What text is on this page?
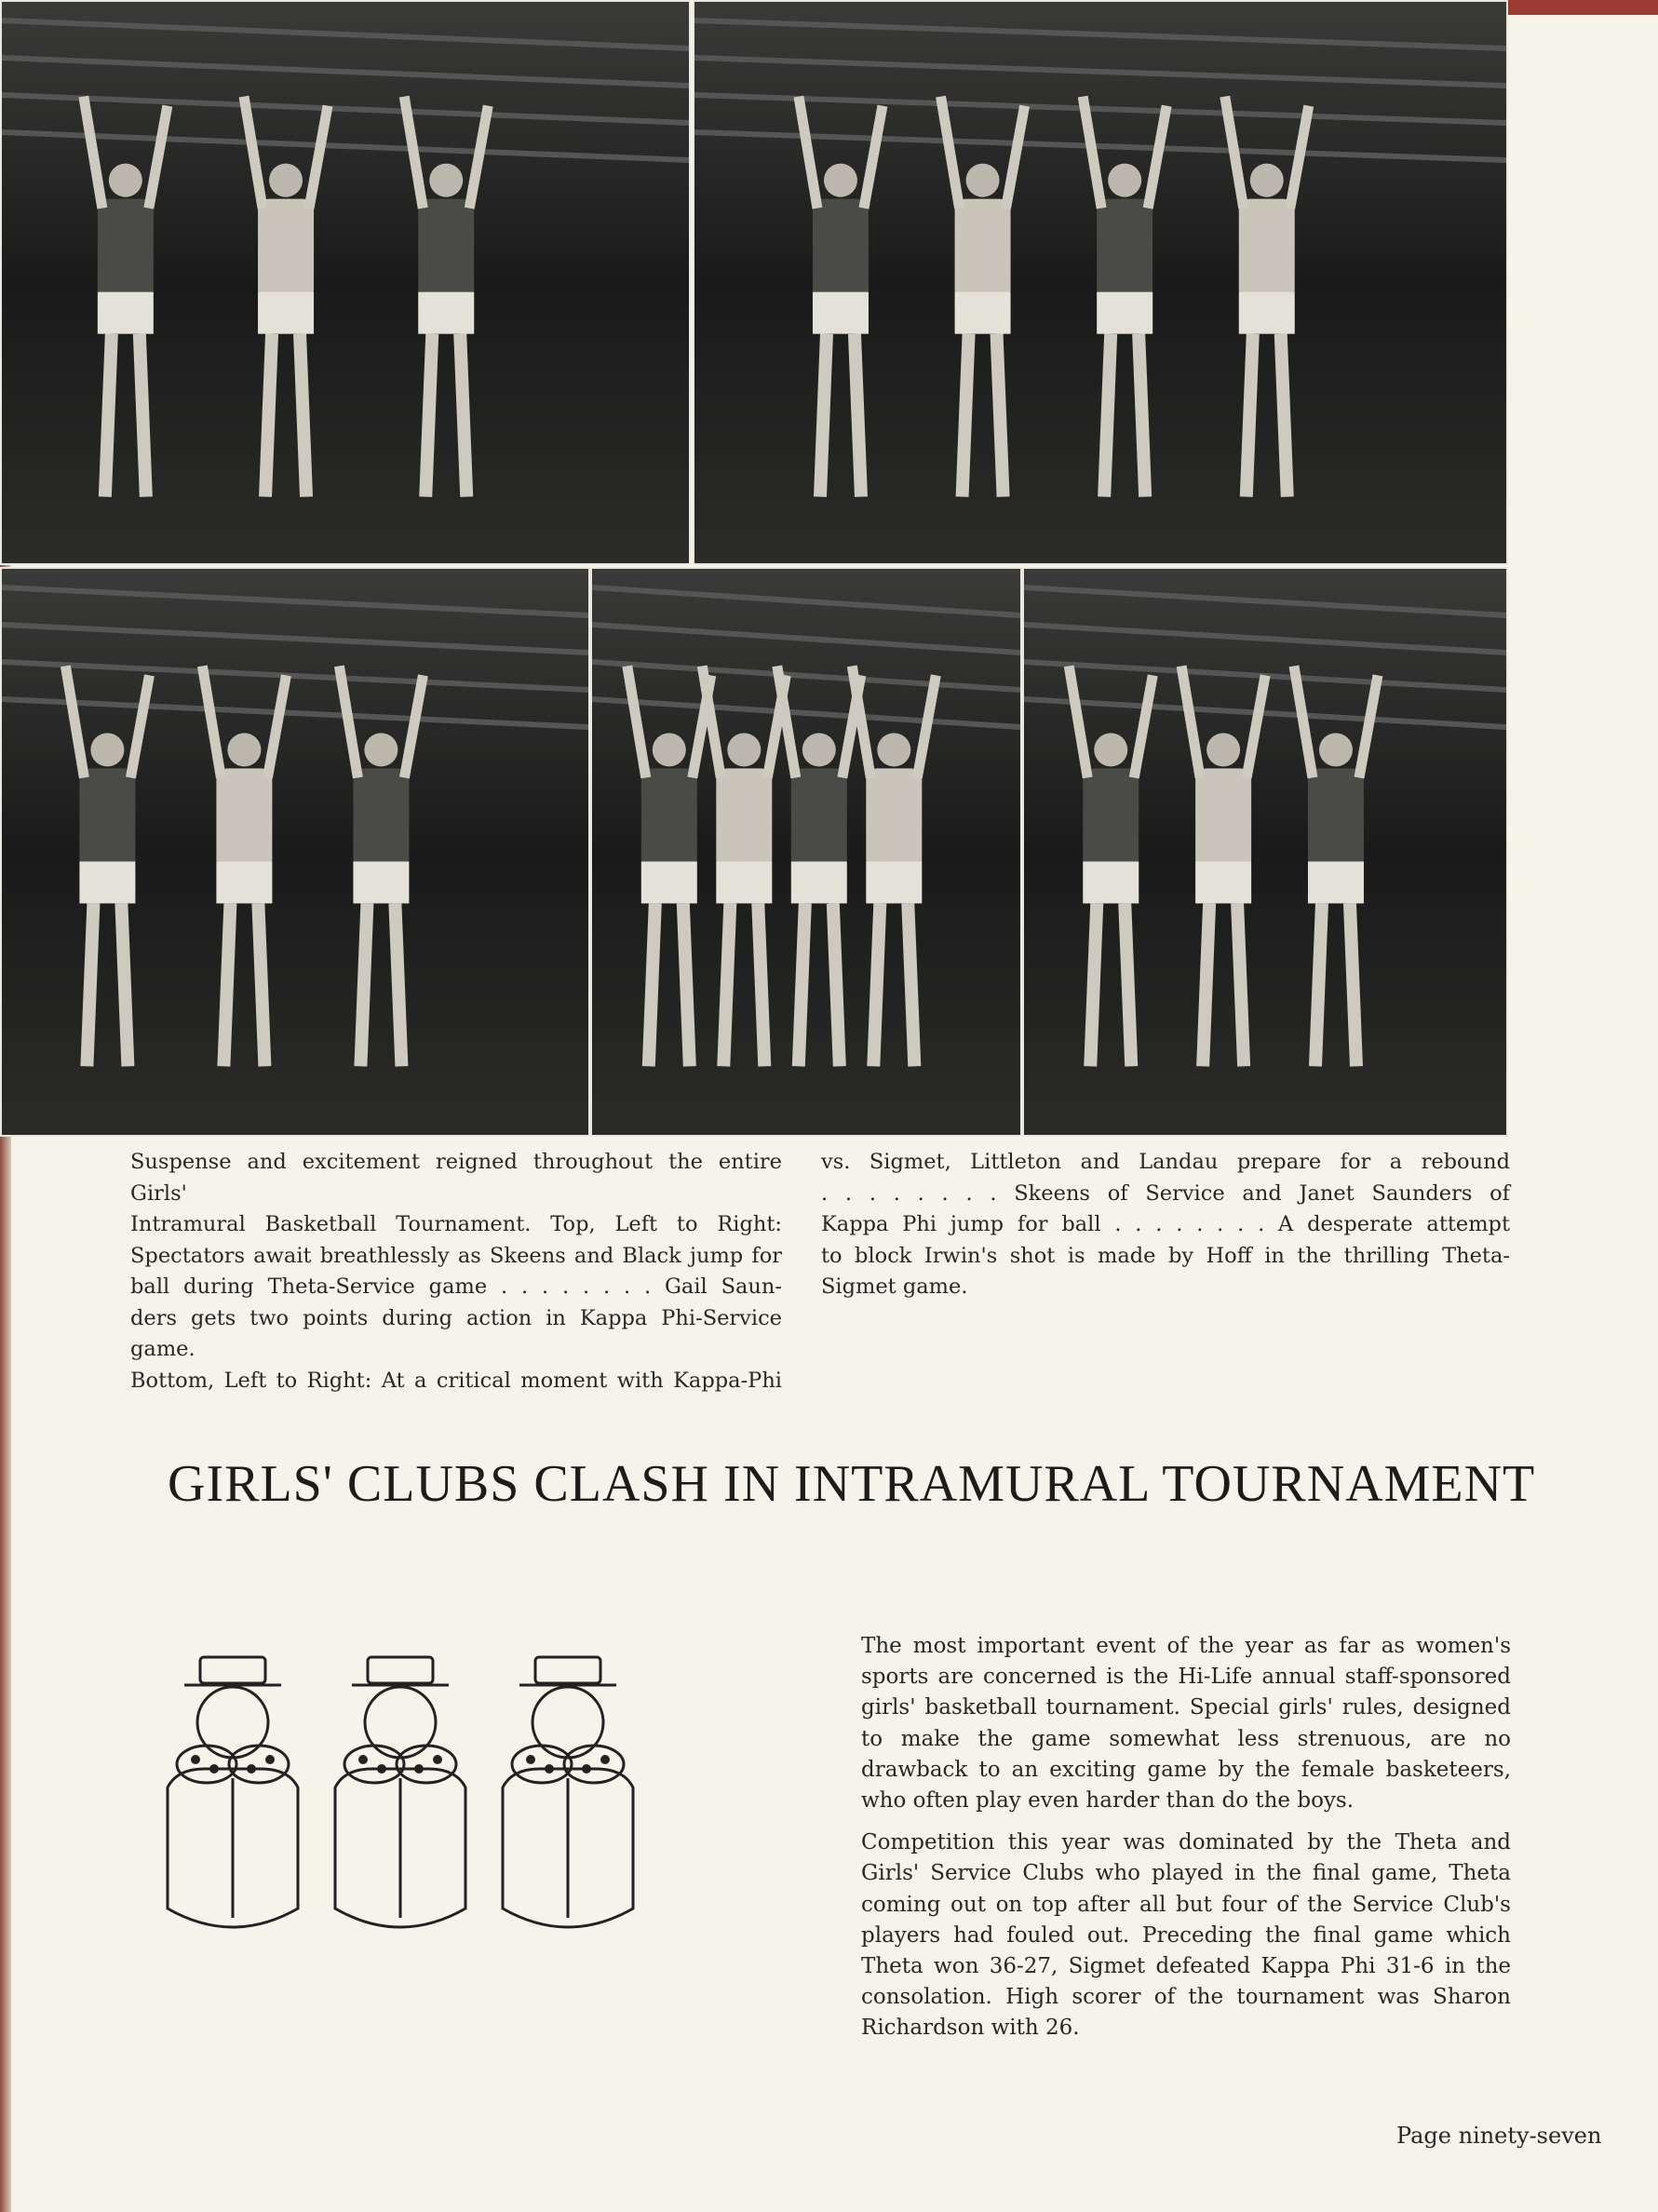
Suspense and excitement reigned throughout the entire Girls'
Intramural Basketball Tournament. Top, Left to Right:
Spectators await breathlessly as Skeens and Black jump for
ball during Theta-Service game . . . . . . . . Gail Saun-
ders gets two points during action in Kappa Phi-Service game.
Bottom, Left to Right: At a critical moment with Kappa-Phi
vs. Sigmet, Littleton and Landau prepare for a rebound
. . . . . . . . Skeens of Service and Janet Saunders of
Kappa Phi jump for ball . . . . . . . . A desperate attempt
to block Irwin's shot is made by Hoff in the thrilling Theta-
Sigmet game.
GIRLS' CLUBS CLASH IN INTRAMURAL TOURNAMENT

The most important event of the year as far as women's sports are concerned is the Hi-Life annual staff-sponsored girls' basketball tournament. Special girls' rules, designed to make the game somewhat less strenuous, are no drawback to an exciting game by the female basketeers, who often play even harder than do the boys.

Competition this year was dominated by the Theta and Girls' Service Clubs who played in the final game, Theta coming out on top after all but four of the Service Club's players had fouled out. Preceding the final game which Theta won 36-27, Sigmet defeated Kappa Phi 31-6 in the consolation. High scorer of the tournament was Sharon Richardson with 26.

Page ninety-seven
